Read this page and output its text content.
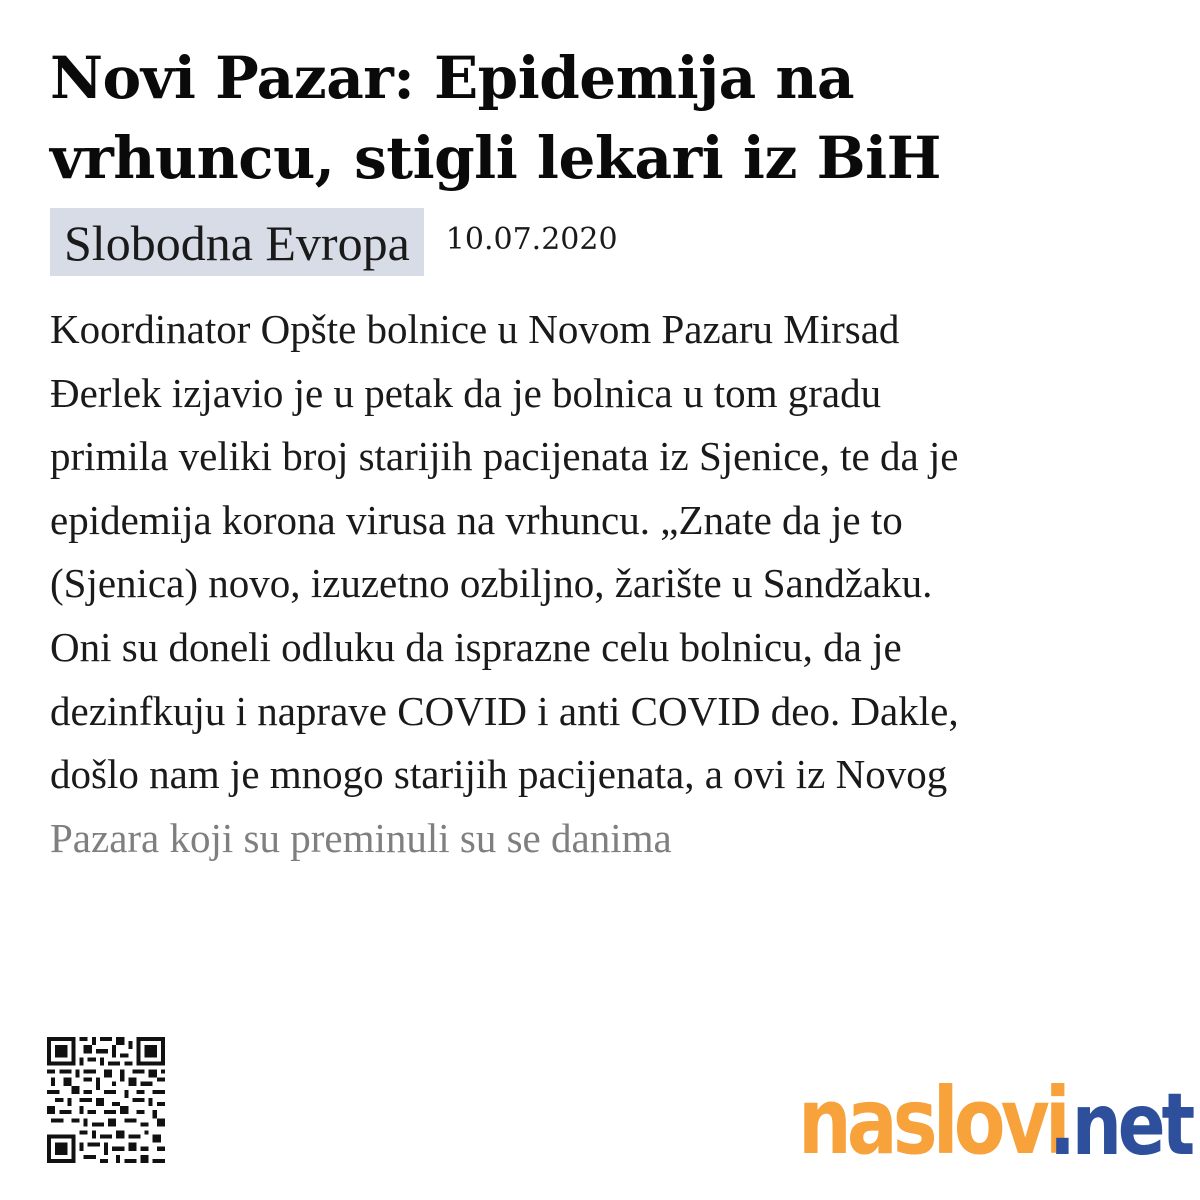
Novi Pazar: Epidemija na
vrhuncu, stigli lekari iz BiH
Slobodna Evropa	10.07.2020
Koordinator Opšte bolnice u Novom Pazaru Mirsad
Đerlek izjavio je u petak da je bolnica u tom gradu
primila veliki broj starijih pacijenata iz Sjenice, te da je
epidemija korona virusa na vrhuncu. „Znate da je to
(Sjenica) novo, izuzetno ozbiljno, žarište u Sandžaku.
Oni su doneli odluku da isprazne celu bolnicu, da je
dezinfkuju i naprave COVID i anti COVID deo. Dakle,
došlo nam je mnogo starijih pacijenata, a ovi iz Novog
Pazara koji su preminuli su se danima
naslovi
.net
